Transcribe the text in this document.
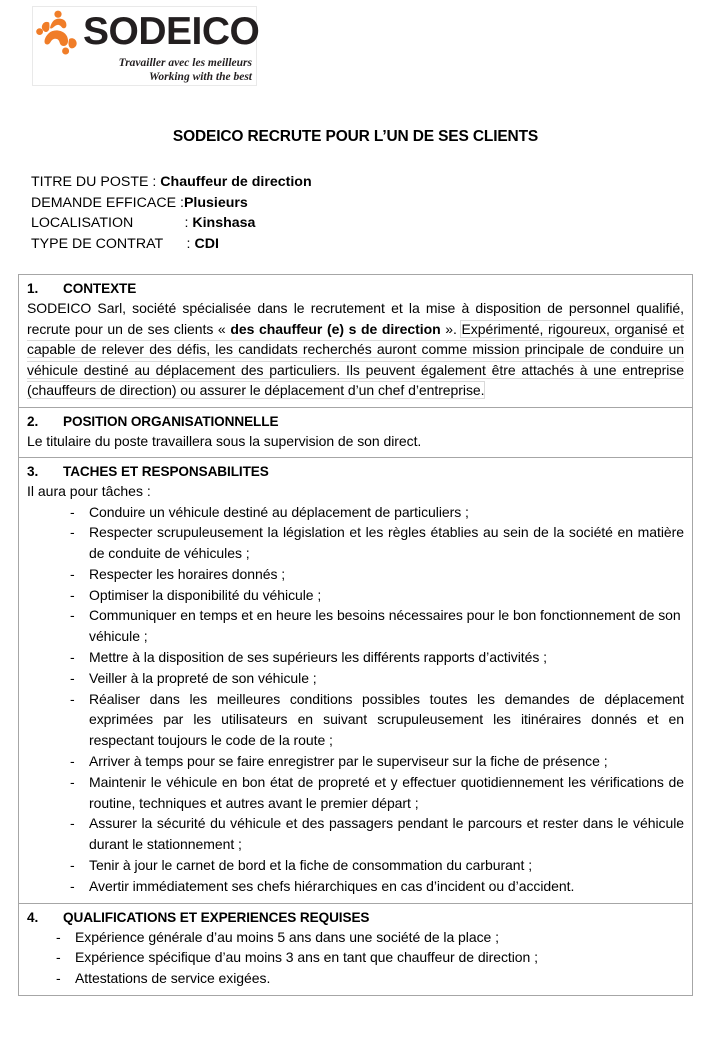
SODEICO
Travailler avec les meilleurs
Working with the best
SODEICO RECRUTE POUR L’UN DE SES CLIENTS
TITRE DU POSTE : Chauffeur de direction
DEMANDE EFFICACE :Plusieurs
LOCALISATION             : Kinshasa
TYPE DE CONTRAT      : CDI
1. CONTEXTE
SODEICO Sarl, société spécialisée dans le recrutement et la mise à disposition de personnel qualifié, recrute pour un de ses clients « des chauffeur (e) s de direction ». Expérimenté, rigoureux, organisé et capable de relever des défis, les candidats recherchés auront comme mission principale de conduire un véhicule destiné au déplacement des particuliers. Ils peuvent également être attachés à une entreprise (chauffeurs de direction) ou assurer le déplacement d’un chef d’entreprise.
2. POSITION ORGANISATIONNELLE
Le titulaire du poste travaillera sous la supervision de son direct.
3. TACHES ET RESPONSABILITES
Il aura pour tâches :
- Conduire un véhicule destiné au déplacement de particuliers ;
- Respecter scrupuleusement la législation et les règles établies au sein de la société en matière de conduite de véhicules ;
- Respecter les horaires donnés ;
- Optimiser la disponibilité du véhicule ;
- Communiquer en temps et en heure les besoins nécessaires pour le bon fonctionnement de son véhicule ;
- Mettre à la disposition de ses supérieurs les différents rapports d’activités ;
- Veiller à la propreté de son véhicule ;
- Réaliser dans les meilleures conditions possibles toutes les demandes de déplacement exprimées par les utilisateurs en suivant scrupuleusement les itinéraires donnés et en respectant toujours le code de la route ;
- Arriver à temps pour se faire enregistrer par le superviseur sur la fiche de présence ;
- Maintenir le véhicule en bon état de propreté et y effectuer quotidiennement les vérifications de routine, techniques et autres avant le premier départ ;
- Assurer la sécurité du véhicule et des passagers pendant le parcours et rester dans le véhicule durant le stationnement ;
- Tenir à jour le carnet de bord et la fiche de consommation du carburant ;
- Avertir immédiatement ses chefs hiérarchiques en cas d’incident ou d’accident.
4. QUALIFICATIONS ET EXPERIENCES REQUISES
- Expérience générale d’au moins 5 ans dans une société de la place ;
- Expérience spécifique d’au moins 3 ans en tant que chauffeur de direction ;
- Attestations de service exigées.
